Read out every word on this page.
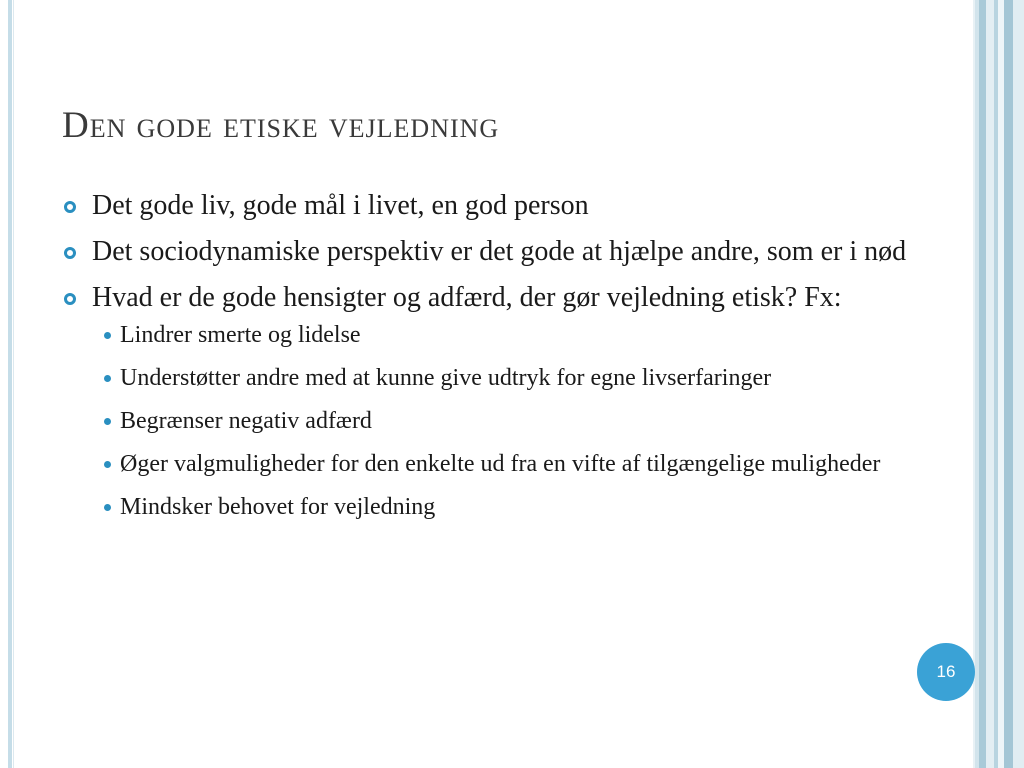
Den gode etiske vejledning
Det gode liv, gode mål i livet, en god person
Det sociodynamiske perspektiv er det gode at hjælpe andre, som er i nød
Hvad er de gode hensigter og adfærd, der gør vejledning etisk? Fx:
Lindrer smerte og lidelse
Understøtter andre med at kunne give udtryk for egne livserfaringer
Begrænser negativ adfærd
Øger valgmuligheder for den enkelte ud fra en vifte af tilgængelige muligheder
Mindsker behovet for vejledning
16
